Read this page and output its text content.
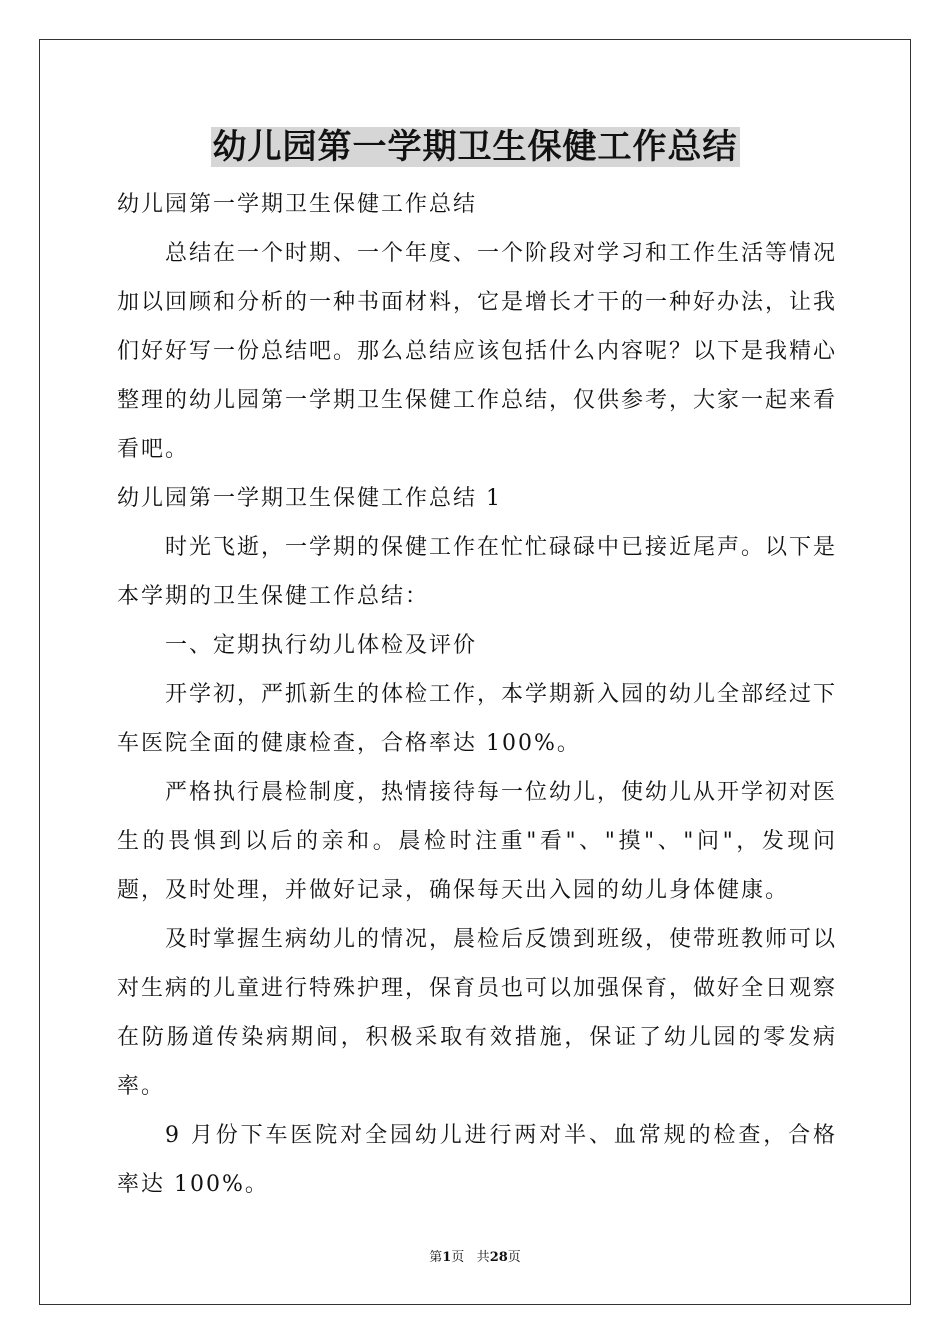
幼儿园第一学期卫生保健工作总结

幼儿园第一学期卫生保健工作总结

总结在一个时期、一个年度、一个阶段对学习和工作生活等情况加以回顾和分析的一种书面材料，它是增长才干的一种好办法，让我们好好写一份总结吧。那么总结应该包括什么内容呢？以下是我精心整理的幼儿园第一学期卫生保健工作总结，仅供参考，大家一起来看看吧。

幼儿园第一学期卫生保健工作总结 1

时光飞逝，一学期的保健工作在忙忙碌碌中已接近尾声。以下是本学期的卫生保健工作总结：

一、定期执行幼儿体检及评价

开学初，严抓新生的体检工作，本学期新入园的幼儿全部经过下车医院全面的健康检查，合格率达 100%。

严格执行晨检制度，热情接待每一位幼儿，使幼儿从开学初对医生的畏惧到以后的亲和。晨检时注重"看"、"摸"、"问"，发现问题，及时处理，并做好记录，确保每天出入园的幼儿身体健康。

及时掌握生病幼儿的情况，晨检后反馈到班级，使带班教师可以对生病的儿童进行特殊护理，保育员也可以加强保育，做好全日观察在防肠道传染病期间，积极采取有效措施，保证了幼儿园的零发病率。

9 月份下车医院对全园幼儿进行两对半、血常规的检查，合格率达 100%。

第1页 共28页
